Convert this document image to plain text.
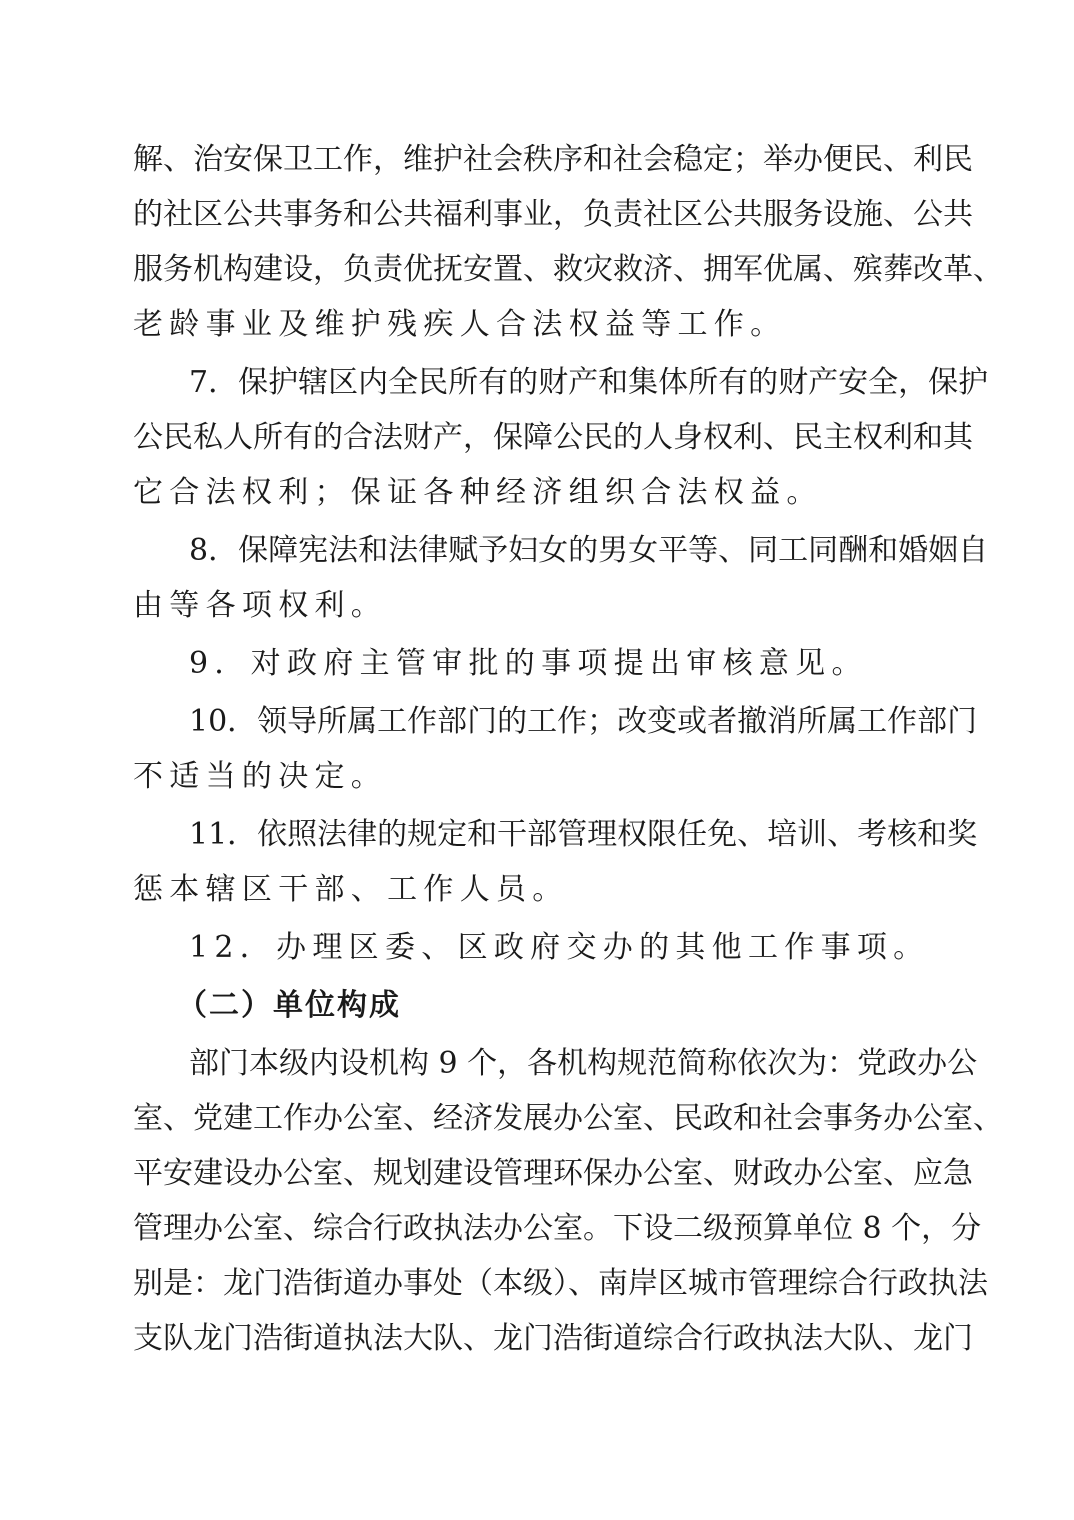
解、治安保卫工作，维护社会秩序和社会稳定；举办便民、利民
的社区公共事务和公共福利事业，负责社区公共服务设施、公共
服务机构建设，负责优抚安置、救灾救济、拥军优属、殡葬改革、
老龄事业及维护残疾人合法权益等工作。
7．保护辖区内全民所有的财产和集体所有的财产安全，保护
公民私人所有的合法财产，保障公民的人身权利、民主权利和其
它合法权利；保证各种经济组织合法权益。
8．保障宪法和法律赋予妇女的男女平等、同工同酬和婚姻自
由等各项权利。
9．对政府主管审批的事项提出审核意见。
10．领导所属工作部门的工作；改变或者撤消所属工作部门
不适当的决定。
11．依照法律的规定和干部管理权限任免、培训、考核和奖
惩本辖区干部、工作人员。
12．办理区委、区政府交办的其他工作事项。
（二）单位构成
部门本级内设机构 9 个，各机构规范简称依次为：党政办公
室、党建工作办公室、经济发展办公室、民政和社会事务办公室、
平安建设办公室、规划建设管理环保办公室、财政办公室、应急
管理办公室、综合行政执法办公室。下设二级预算单位 8 个，分
别是：龙门浩街道办事处（本级）、南岸区城市管理综合行政执法
支队龙门浩街道执法大队、龙门浩街道综合行政执法大队、龙门
